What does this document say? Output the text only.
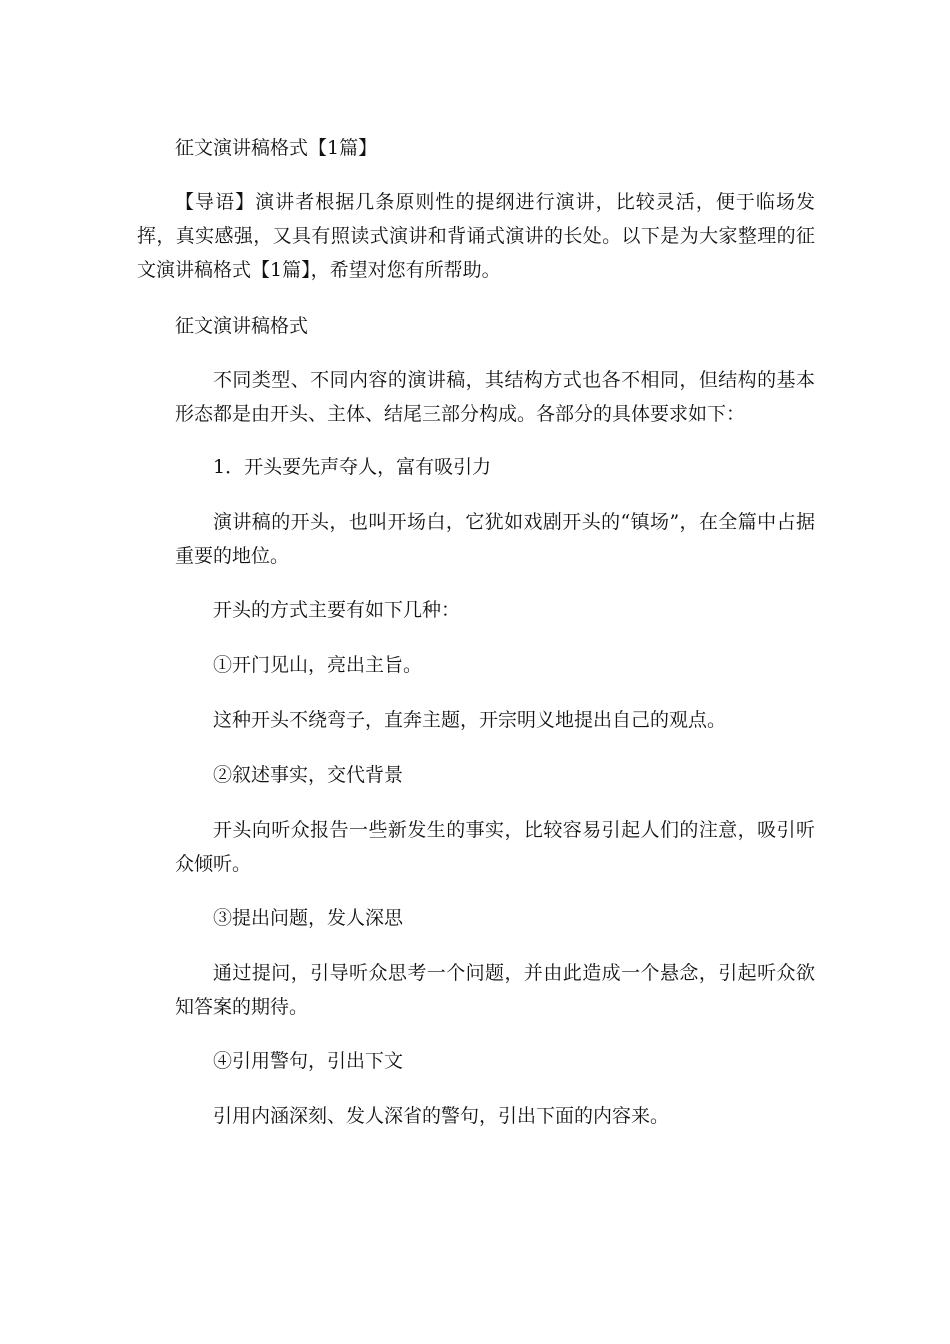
征文演讲稿格式【1篇】
【导语】演讲者根据几条原则性的提纲进行演讲，比较灵活，便于临场发挥，真实感强，又具有照读式演讲和背诵式演讲的长处。以下是为大家整理的征文演讲稿格式【1篇】，希望对您有所帮助。
征文演讲稿格式
不同类型、不同内容的演讲稿，其结构方式也各不相同，但结构的基本形态都是由开头、主体、结尾三部分构成。各部分的具体要求如下：
1．开头要先声夺人，富有吸引力
演讲稿的开头，也叫开场白，它犹如戏剧开头的“镇场”，在全篇中占据重要的地位。
开头的方式主要有如下几种：
①开门见山，亮出主旨。
这种开头不绕弯子，直奔主题，开宗明义地提出自己的观点。
②叙述事实，交代背景
开头向听众报告一些新发生的事实，比较容易引起人们的注意，吸引听众倾听。
③提出问题，发人深思
通过提问，引导听众思考一个问题，并由此造成一个悬念，引起听众欲知答案的期待。
④引用警句，引出下文
引用内涵深刻、发人深省的警句，引出下面的内容来。
